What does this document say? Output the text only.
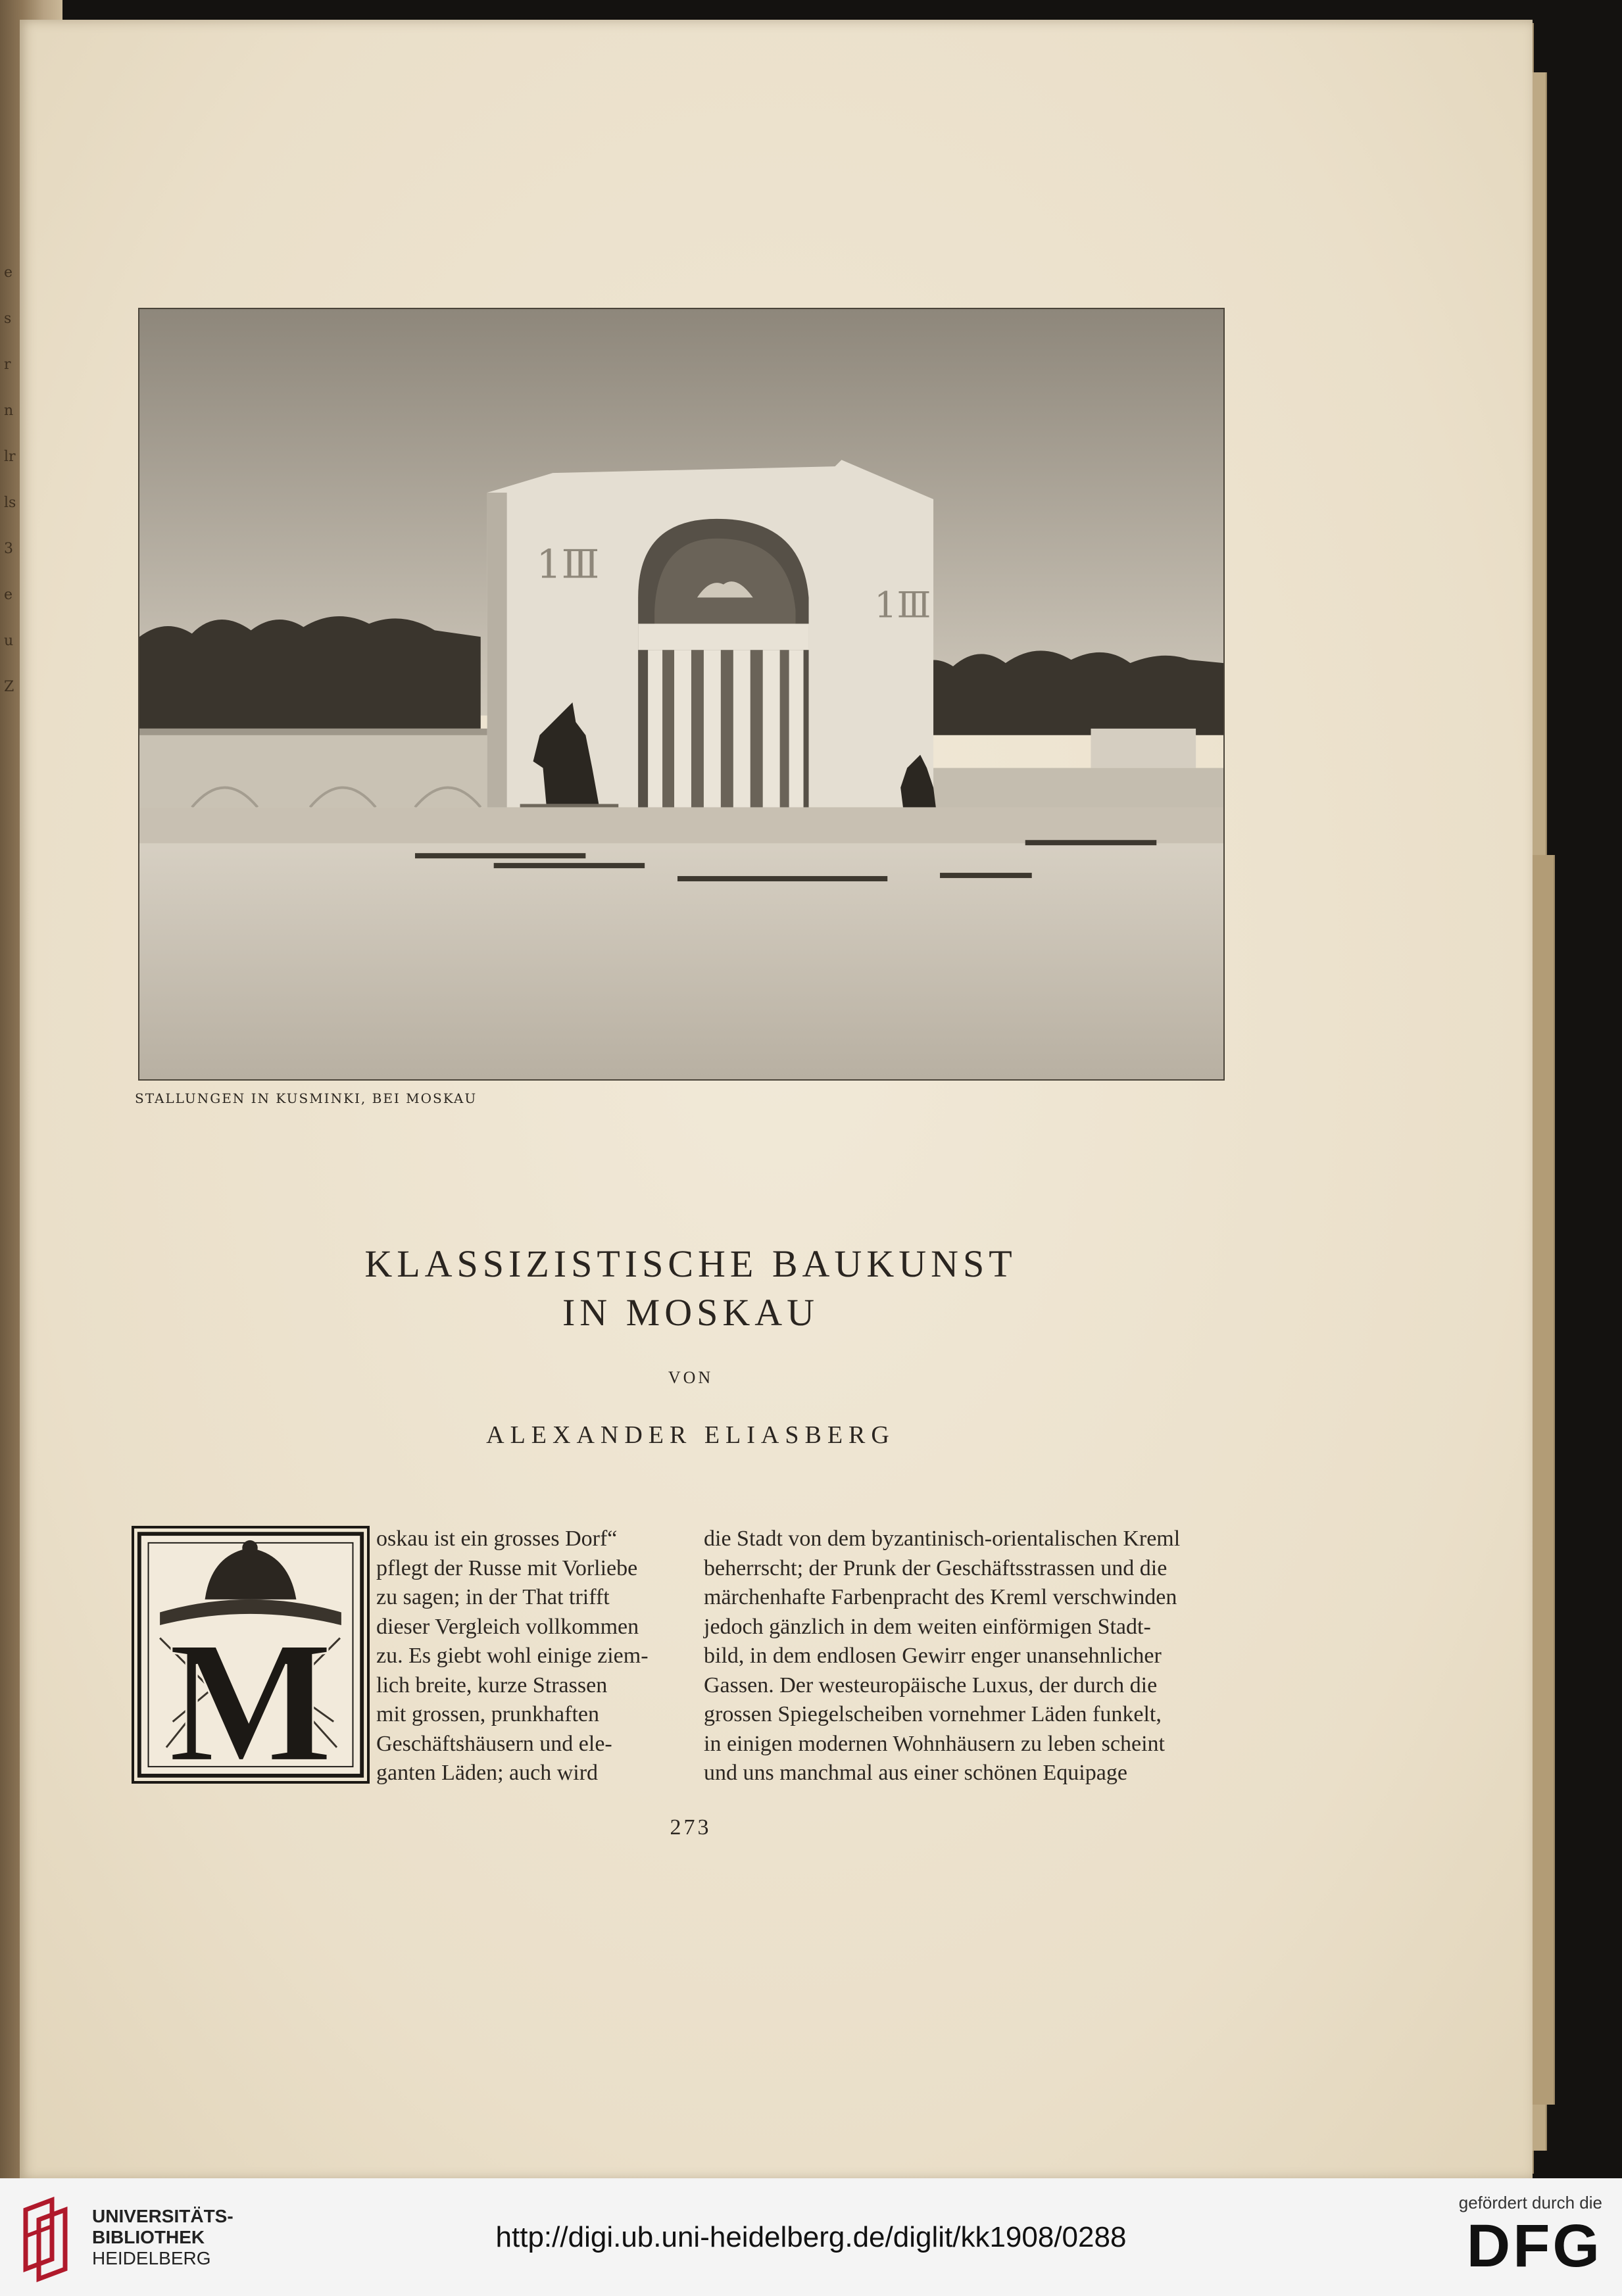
e sr n lr ls 3e u Z
1Ⅲ
1Ⅲ
STALLUNGEN IN KUSMINKI, BEI MOSKAU
KLASSIZISTISCHE BAUKUNST
IN MOSKAU
VON
ALEXANDER ELIASBERG
M
oskau ist ein grosses Dorf“
pflegt der Russe mit Vorliebe
zu sagen; in der That trifft
dieser Vergleich vollkommen
zu. Es giebt wohl einige ziem-
lich breite, kurze Strassen
mit grossen, prunkhaften
Geschäftshäusern und ele-
ganten Läden; auch wird
die Stadt von dem byzantinisch-orientalischen Kreml
beherrscht; der Prunk der Geschäftsstrassen und die
märchenhafte Farbenpracht des Kreml verschwinden
jedoch gänzlich in dem weiten einförmigen Stadt-
bild, in dem endlosen Gewirr enger unansehnlicher
Gassen. Der westeuropäische Luxus, der durch die
grossen Spiegelscheiben vornehmer Läden funkelt,
in einigen modernen Wohnhäusern zu leben scheint
und uns manchmal aus einer schönen Equipage
273
UNIVERSITÄTS-
BIBLIOTHEK
HEIDELBERG
http://digi.ub.uni-heidelberg.de/diglit/kk1908/0288
gefördert durch die
DFG
